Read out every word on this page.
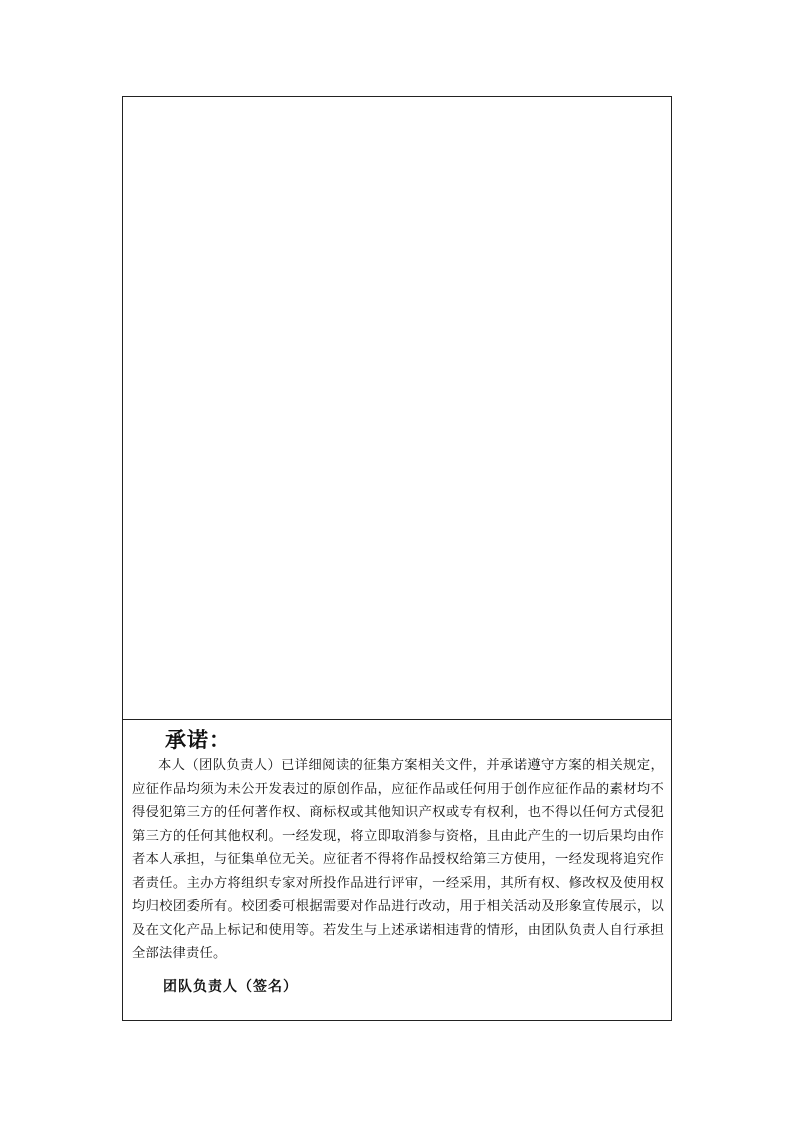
承诺：

本人（团队负责人）已详细阅读的征集方案相关文件，并承诺遵守方案的相关规定，应征作品均须为未公开发表过的原创作品，应征作品或任何用于创作应征作品的素材均不得侵犯第三方的任何著作权、商标权或其他知识产权或专有权利，也不得以任何方式侵犯第三方的任何其他权利。一经发现，将立即取消参与资格，且由此产生的一切后果均由作者本人承担，与征集单位无关。应征者不得将作品授权给第三方使用，一经发现将追究作者责任。主办方将组织专家对所投作品进行评审，一经采用，其所有权、修改权及使用权均归校团委所有。校团委可根据需要对作品进行改动，用于相关活动及形象宣传展示，以及在文化产品上标记和使用等。若发生与上述承诺相违背的情形，由团队负责人自行承担全部法律责任。

团队负责人（签名）
